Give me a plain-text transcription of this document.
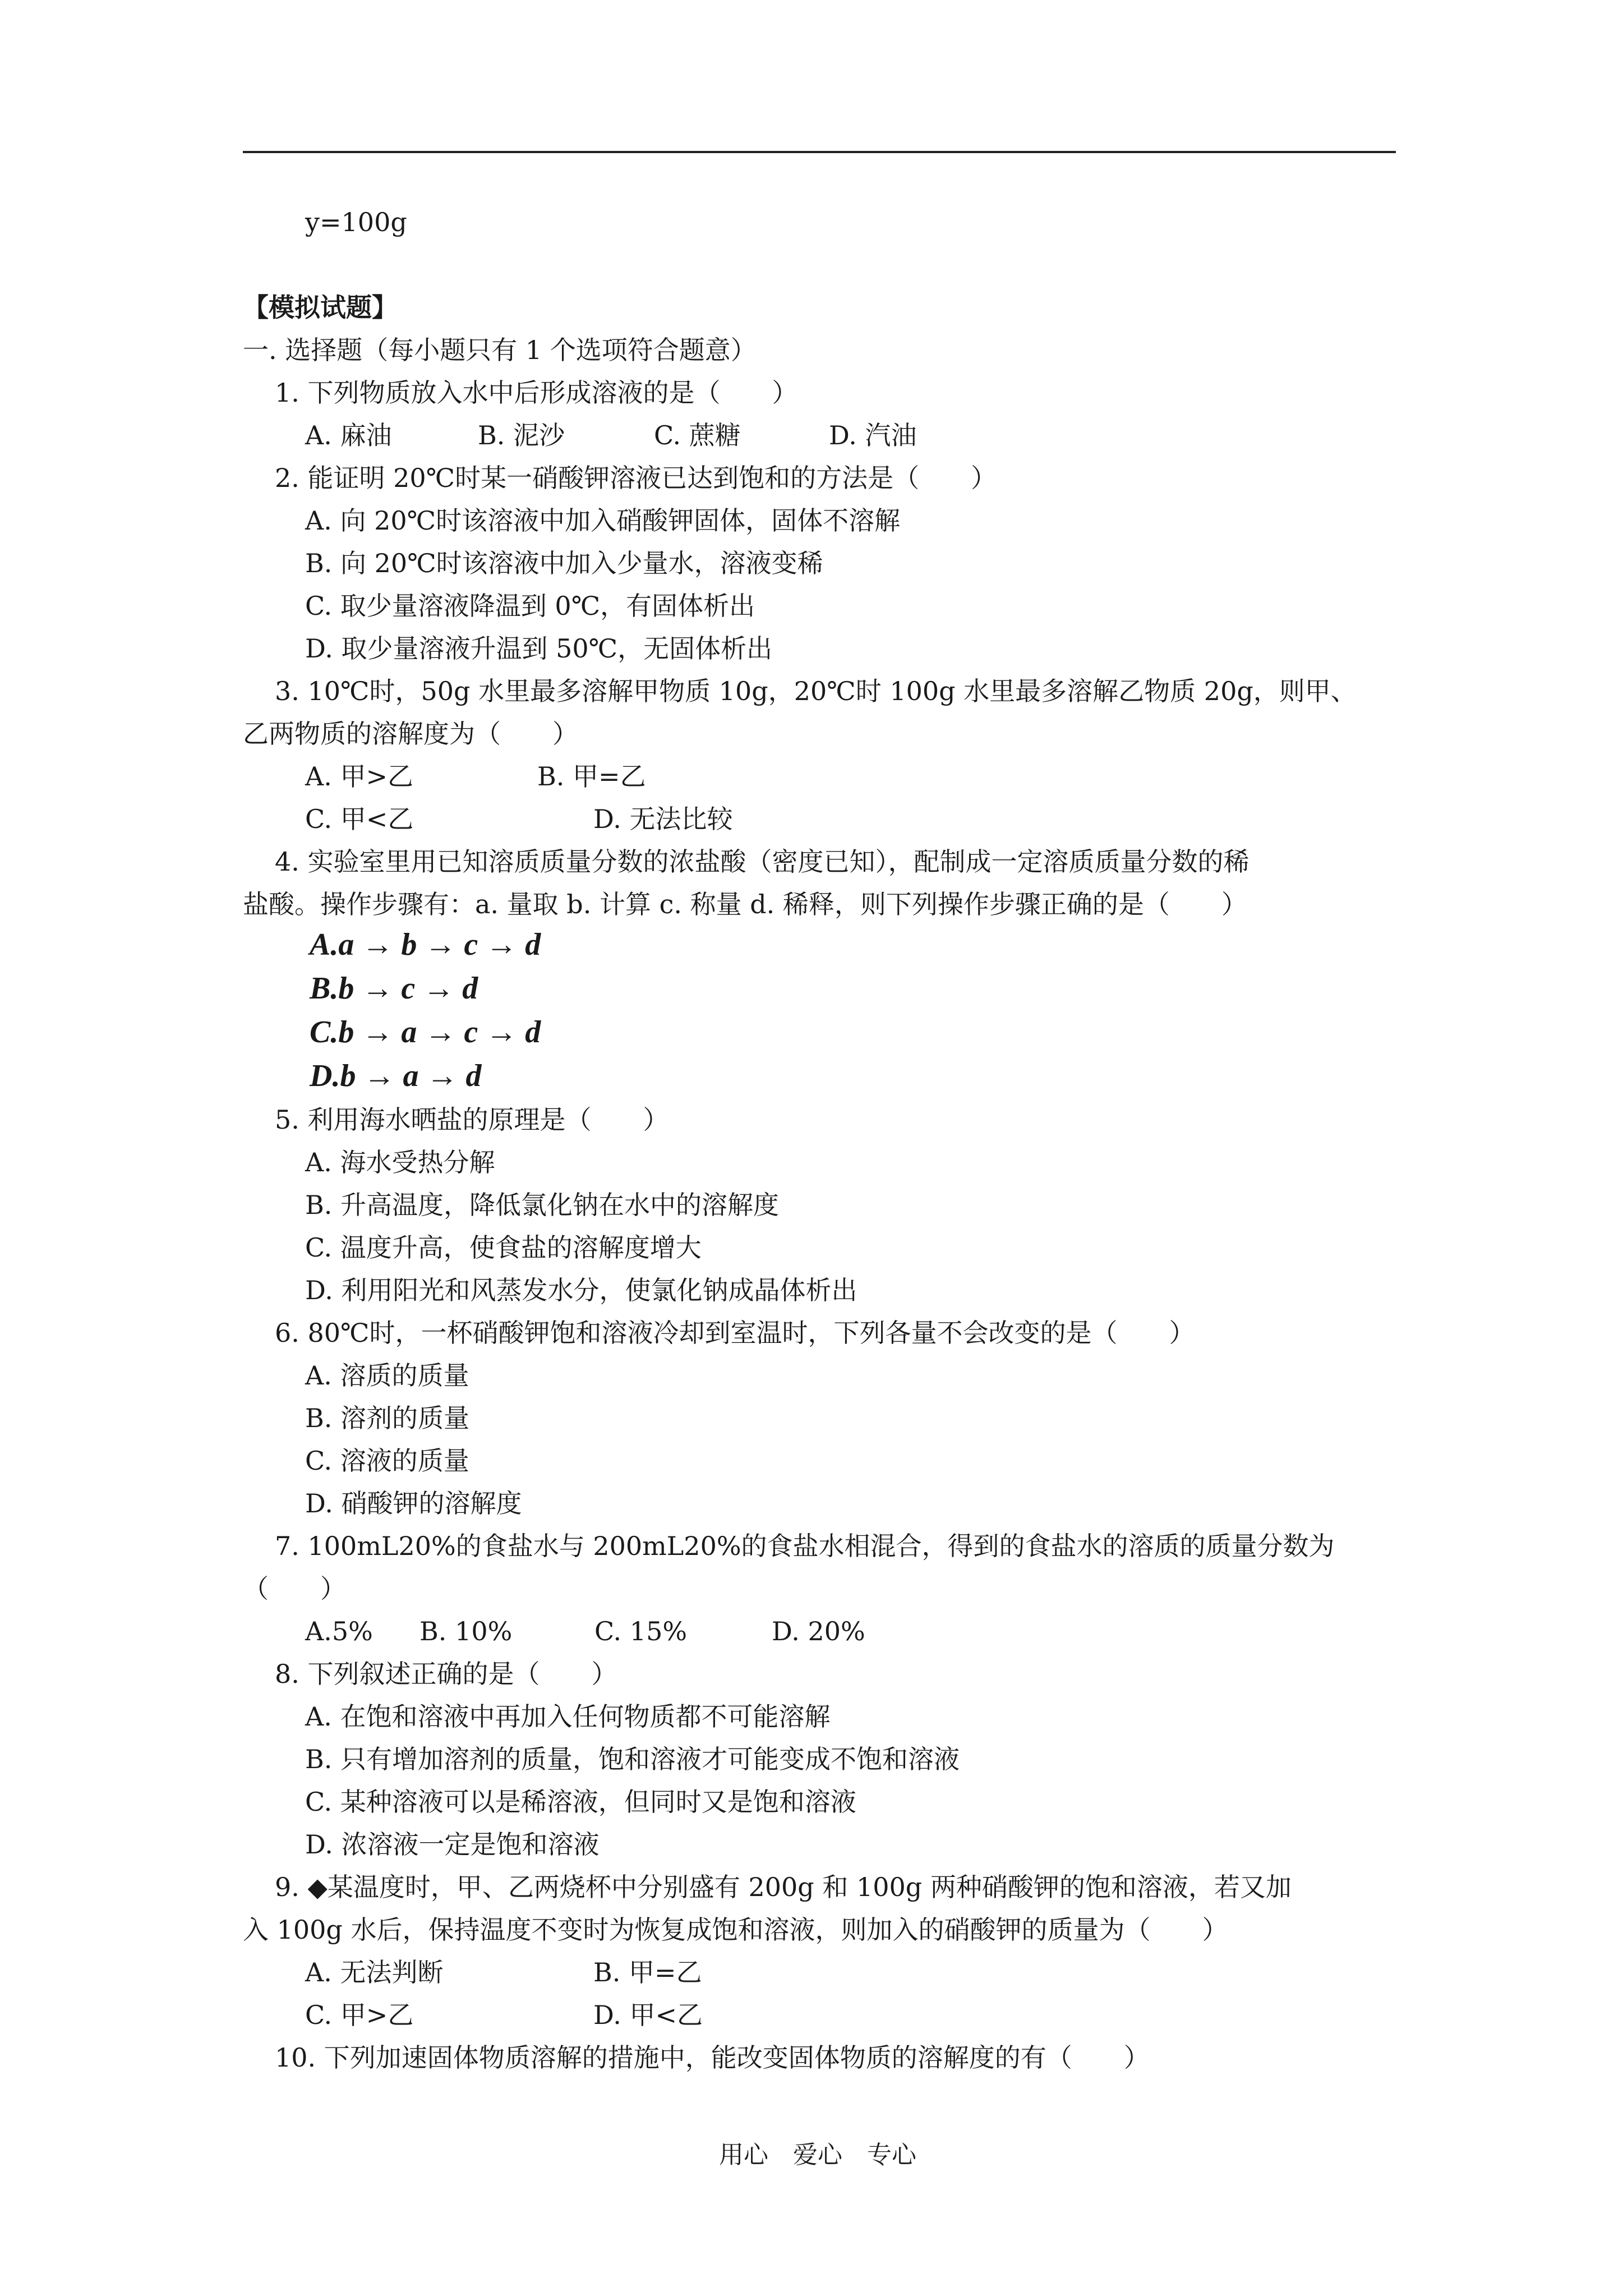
y=100g
【模拟试题】
一. 选择题（每小题只有 1 个选项符合题意）
1. 下列物质放入水中后形成溶液的是（　　）
A. 麻油	B. 泥沙	C. 蔗糖	D. 汽油
2. 能证明 20℃时某一硝酸钾溶液已达到饱和的方法是（　　）
A. 向 20℃时该溶液中加入硝酸钾固体，固体不溶解
B. 向 20℃时该溶液中加入少量水，溶液变稀
C. 取少量溶液降温到 0℃，有固体析出
D. 取少量溶液升温到 50℃，无固体析出
3. 10℃时，50g 水里最多溶解甲物质 10g，20℃时 100g 水里最多溶解乙物质 20g，则甲、
乙两物质的溶解度为（　　）
A. 甲>乙	B. 甲=乙
C. 甲<乙	D. 无法比较
4. 实验室里用已知溶质质量分数的浓盐酸（密度已知），配制成一定溶质质量分数的稀
盐酸。操作步骤有：a. 量取 b. 计算 c. 称量 d. 稀释，则下列操作步骤正确的是（　　）
A.a → b → c → d
B.b → c → d
C.b → a → c → d
D.b → a → d
5. 利用海水晒盐的原理是（　　）
A. 海水受热分解
B. 升高温度，降低氯化钠在水中的溶解度
C. 温度升高，使食盐的溶解度增大
D. 利用阳光和风蒸发水分，使氯化钠成晶体析出
6. 80℃时，一杯硝酸钾饱和溶液冷却到室温时，下列各量不会改变的是（　　）
A. 溶质的质量
B. 溶剂的质量
C. 溶液的质量
D. 硝酸钾的溶解度
7. 100mL20%的食盐水与 200mL20%的食盐水相混合，得到的食盐水的溶质的质量分数为
（　　）
A.5% B. 10%	C. 15%	D. 20%
8. 下列叙述正确的是（　　）
A. 在饱和溶液中再加入任何物质都不可能溶解
B. 只有增加溶剂的质量，饱和溶液才可能变成不饱和溶液
C. 某种溶液可以是稀溶液，但同时又是饱和溶液
D. 浓溶液一定是饱和溶液
9. ◆某温度时，甲、乙两烧杯中分别盛有 200g 和 100g 两种硝酸钾的饱和溶液，若又加
入 100g 水后，保持温度不变时为恢复成饱和溶液，则加入的硝酸钾的质量为（　　）
A. 无法判断	B. 甲=乙
C. 甲>乙	D. 甲<乙
10. 下列加速固体物质溶解的措施中，能改变固体物质的溶解度的有（　　）
用心　爱心　专心
